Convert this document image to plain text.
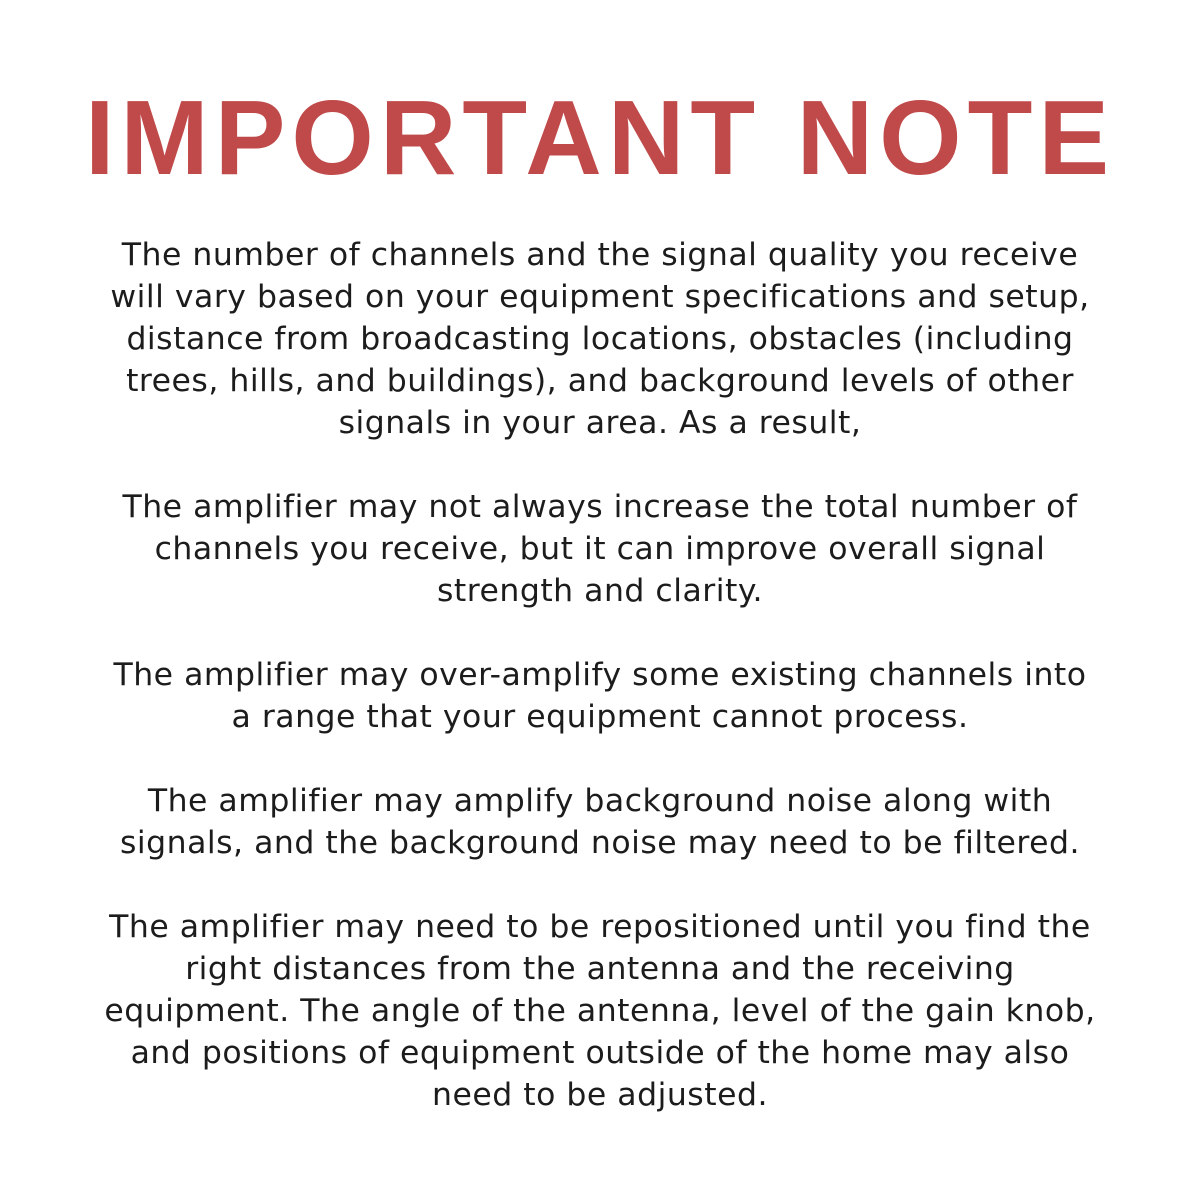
IMPORTANT NOTE

The number of channels and the signal quality you receive
will vary based on your equipment specifications and setup,
distance from broadcasting locations, obstacles (including
trees, hills, and buildings), and background levels of other
signals in your area. As a result,

The amplifier may not always increase the total number of
channels you receive, but it can improve overall signal
strength and clarity.

The amplifier may over-amplify some existing channels into
a range that your equipment cannot process.

The amplifier may amplify background noise along with
signals, and the background noise may need to be filtered.

The amplifier may need to be repositioned until you find the
right distances from the antenna and the receiving
equipment. The angle of the antenna, level of the gain knob,
and positions of equipment outside of the home may also
need to be adjusted.
